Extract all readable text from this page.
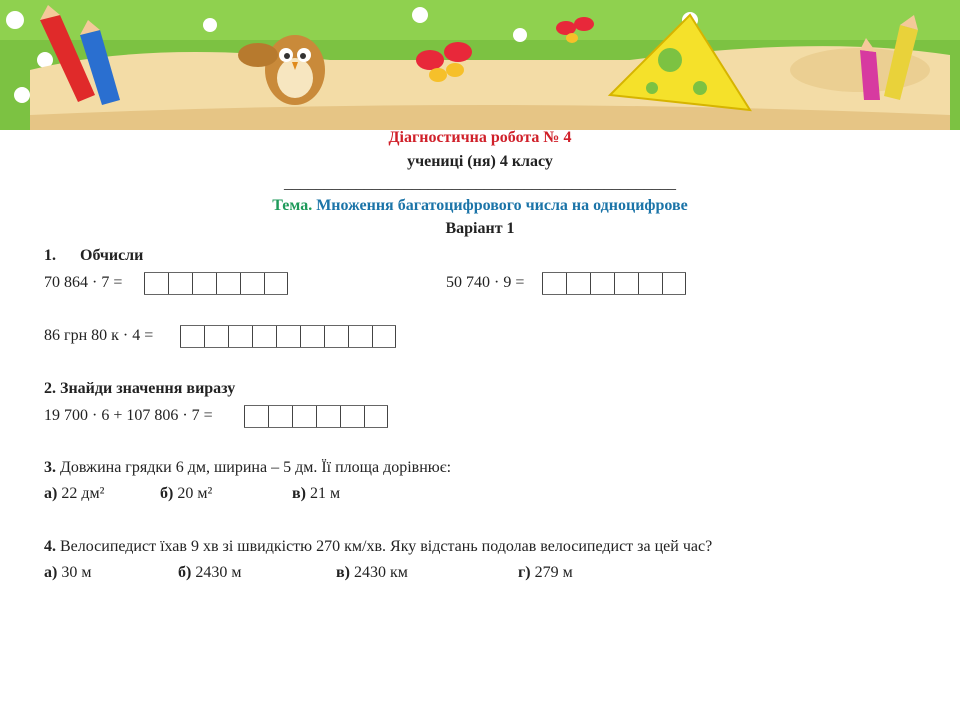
Діагностична робота № 4
учениці (ня) 4 класу
_________________________________________________
Тема. Множення багатоцифрового числа на одноцифрове
Варіант 1
1. Обчисли
70 864 · 7 =	50 740 · 9 =
86 грн 80 к · 4 =
2. Знайди значення виразу
19 700 · 6 + 107 806 · 7 =
3. Довжина грядки 6 дм, ширина – 5 дм. Її площа дорівнює:
а) 22 дм²	б) 20 м²	в) 21 м
4. Велосипедист їхав 9 хв зі швидкістю 270 км/хв. Яку відстань подолав велосипедист за цей час?
а) 30 м	б) 2430 м	в) 2430 км	г) 279 м
